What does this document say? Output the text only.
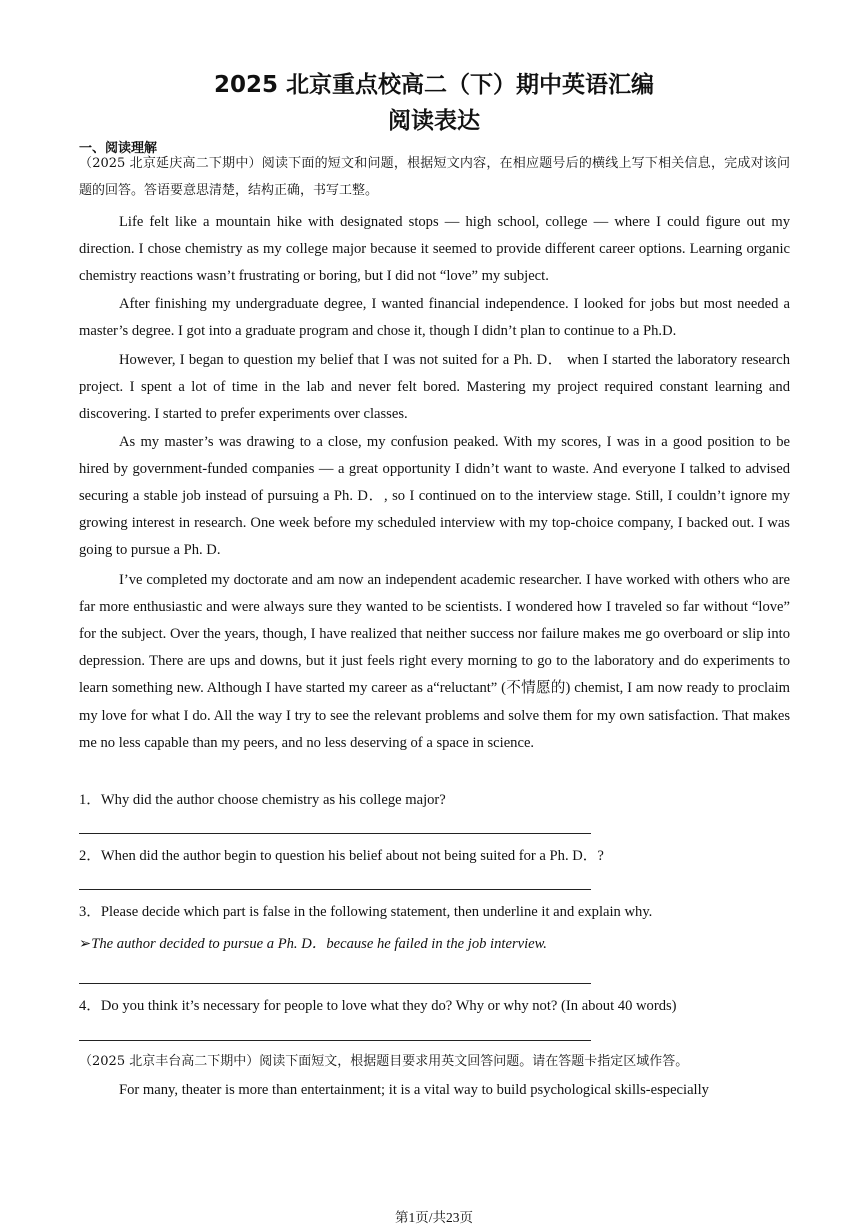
2025 北京重点校高二（下）期中英语汇编
阅读表达
一、阅读理解

（2025 北京延庆高二下期中）阅读下面的短文和问题，根据短文内容，在相应题号后的横线上写下相关信息，完成对该问题的回答。答语要意思清楚，结构正确，书写工整。

Life felt like a mountain hike with designated stops — high school, college — where I could figure out my direction. I chose chemistry as my college major because it seemed to provide different career options. Learning organic chemistry reactions wasn’t frustrating or boring, but I did not “love” my subject.

After finishing my undergraduate degree, I wanted financial independence. I looked for jobs but most needed a master’s degree. I got into a graduate program and chose it, though I didn’t plan to continue to a Ph.D.

However, I began to question my belief that I was not suited for a Ph. D． when I started the laboratory research project. I spent a lot of time in the lab and never felt bored. Mastering my project required constant learning and discovering. I started to prefer experiments over classes.

As my master’s was drawing to a close, my confusion peaked. With my scores, I was in a good position to be hired by government-funded companies — a great opportunity I didn’t want to waste. And everyone I talked to advised securing a stable job instead of pursuing a Ph. D．, so I continued on to the interview stage. Still, I couldn’t ignore my growing interest in research. One week before my scheduled interview with my top-choice company, I backed out. I was going to pursue a Ph. D.

I’ve completed my doctorate and am now an independent academic researcher. I have worked with others who are far more enthusiastic and were always sure they wanted to be scientists. I wondered how I traveled so far without “love” for the subject. Over the years, though, I have realized that neither success nor failure makes me go overboard or slip into depression. There are ups and downs, but it just feels right every morning to go to the laboratory and do experiments to learn something new. Although I have started my career as a“reluctant” (不情愿的) chemist, I am now ready to proclaim my love for what I do. All the way I try to see the relevant problems and solve them for my own satisfaction. That makes me no less capable than my peers, and no less deserving of a space in science.

1．Why did the author choose chemistry as his college major?
2．When did the author begin to question his belief about not being suited for a Ph. D．?
3．Please decide which part is false in the following statement, then underline it and explain why.
➢The author decided to pursue a Ph. D．because he failed in the job interview.
4．Do you think it’s necessary for people to love what they do? Why or why not? (In about 40 words)

（2025 北京丰台高二下期中）阅读下面短文，根据题目要求用英文回答问题。请在答题卡指定区域作答。

For many, theater is more than entertainment; it is a vital way to build psychological skills-especially

第1页/共23页
